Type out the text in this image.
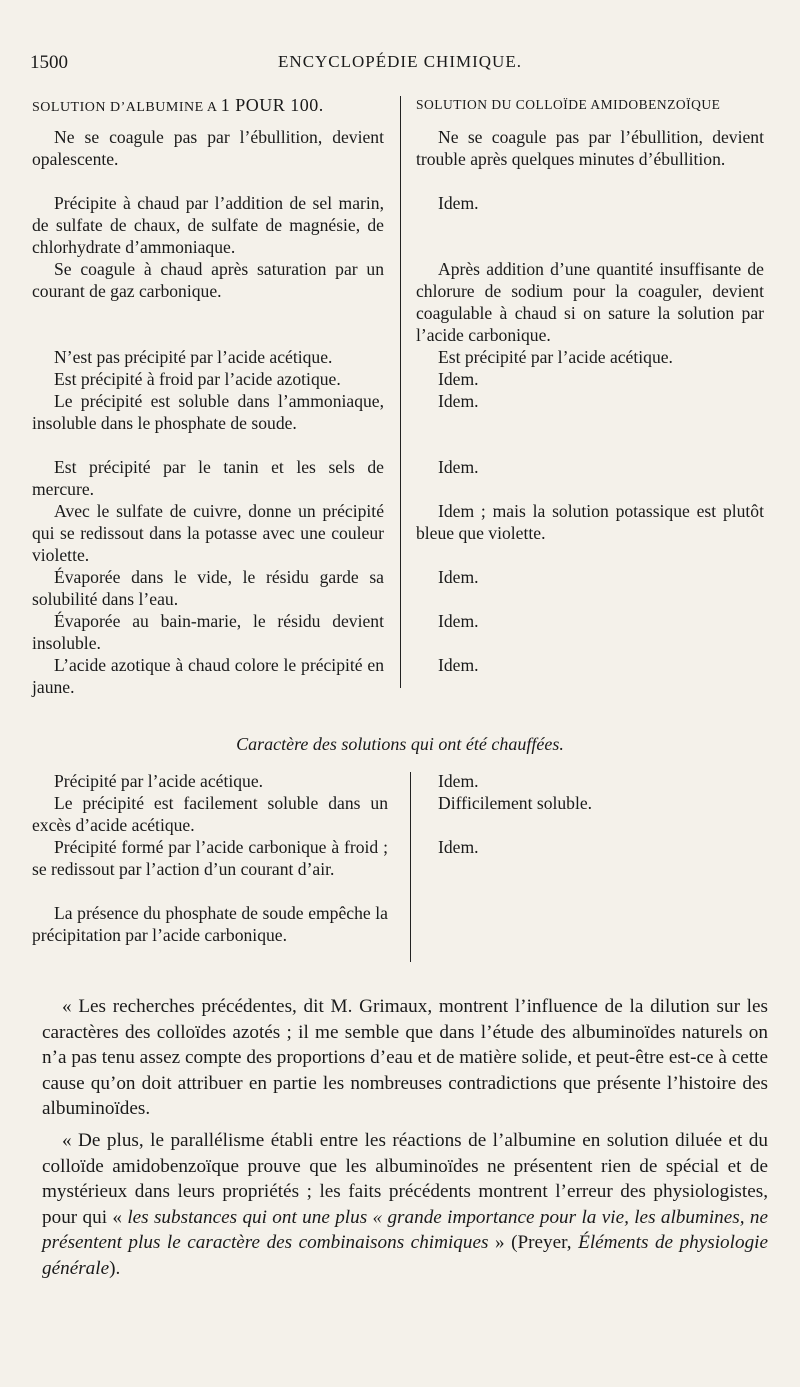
1500	ENCYCLOPÉDIE CHIMIQUE.
SOLUTION D’ALBUMINE A 1 POUR 100.
Ne se coagule pas par l’ébullition, devient opalescente.
Précipite à chaud par l’addition de sel marin, de sulfate de chaux, de sulfate de magnésie, de chlorhydrate d’ammoniaque.
Se coagule à chaud après saturation par un courant de gaz carbonique.
N’est pas précipité par l’acide acétique.
Est précipité à froid par l’acide azotique.
Le précipité est soluble dans l’ammoniaque, insoluble dans le phosphate de soude.
Est précipité par le tanin et les sels de mercure.
Avec le sulfate de cuivre, donne un précipité qui se redissout dans la potasse avec une couleur violette.
Évaporée dans le vide, le résidu garde sa solubilité dans l’eau.
Évaporée au bain-marie, le résidu devient insoluble.
L’acide azotique à chaud colore le précipité en jaune.
SOLUTION DU COLLOÏDE AMIDOBENZOÏQUE
Ne se coagule pas par l’ébullition, devient trouble après quelques minutes d’ébullition.
Idem.
Après addition d’une quantité insuffisante de chlorure de sodium pour la coaguler, devient coagulable à chaud si on sature la solution par l’acide carbonique.
Est précipité par l’acide acétique.
Idem.
Idem.
Idem.
Idem ; mais la solution potassique est plutôt bleue que violette.
Idem.
Idem.
Idem.
Caractère des solutions qui ont été chauffées.
Précipité par l’acide acétique.
Le précipité est facilement soluble dans un excès d’acide acétique.
Précipité formé par l’acide carbonique à froid ; se redissout par l’action d’un courant d’air.
La présence du phosphate de soude empêche la précipitation par l’acide carbonique.
Idem.
Difficilement soluble.
Idem.
« Les recherches précédentes, dit M. Grimaux, montrent l’influence de la dilution sur les caractères des colloïdes azotés ; il me semble que dans l’étude des albuminoïdes naturels on n’a pas tenu assez compte des proportions d’eau et de matière solide, et peut-être est-ce à cette cause qu’on doit attribuer en partie les nombreuses contradictions que présente l’histoire des albuminoïdes.
« De plus, le parallélisme établi entre les réactions de l’albumine en solution diluée et du colloïde amidobenzoïque prouve que les albuminoïdes ne présentent rien de spécial et de mystérieux dans leurs propriétés ; les faits précédents montrent l’erreur des physiologistes, pour qui « les substances qui ont une plus « grande importance pour la vie, les albumines, ne présentent plus le caractère des combinaisons chimiques » (Preyer, Éléments de physiologie générale).
